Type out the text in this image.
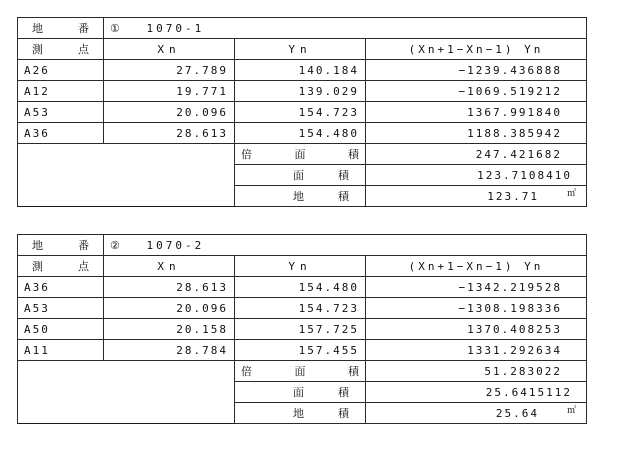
地 番	① 1070-1		

測 点	Xn	Yn	(Xn+1−Xn−1) Yn
A26	27.789	140.184	−1239.436888
A12	19.771	139.029	−1069.519212
A53	20.096	154.723	1367.991840
A36	28.613	154.480	1188.385942

		倍 面 積	247.421682

		面 積	123.7108410

		地 積	123.71 ㎡
地 番	② 1070-2		

測 点	Xn	Yn	(Xn+1−Xn−1) Yn
A36	28.613	154.480	−1342.219528
A53	20.096	154.723	−1308.198336
A50	20.158	157.725	1370.408253
A11	28.784	157.455	1331.292634

		倍 面 積	51.283022

		面 積	25.6415112

		地 積	25.64 ㎡
